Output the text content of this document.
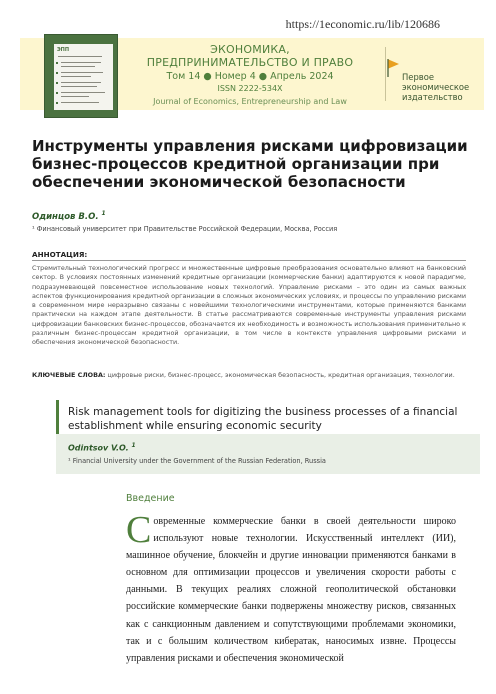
https://1economic.ru/lib/120686
ЭПП	ЭКОНОМИКА,
ПРЕДПРИНИМАТЕЛЬСТВО И ПРАВО
Том 14 ● Номер 4 ● Апрель 2024
ISSN 2222-534X
Journal of Economics, Entrepreneurship and Law
Первое
экономическое
издательство
Инструменты управления рисками цифровизации бизнес-процессов кредитной организации при обеспечении экономической безопасности
Одинцов В.О. $^1$
¹ Финансовый университет при Правительстве Российской Федерации, Москва, Россия
АННОТАЦИЯ:

Стремительный технологический прогресс и множественные цифровые преобразования основательно влияют на банковский сектор. В условиях постоянных изменений кредитные организации (коммерческие банки) адаптируются к новой парадигме, подразумевающей повсеместное использование новых технологий. Управление рисками – это один из самых важных аспектов функционирования кредитной организации в сложных экономических условиях, и процессы по управлению рисками в современном мире неразрывно связаны с новейшими технологическими инструментами, которые применяются банками практически на каждом этапе деятельности. В статье рассматриваются современные инструменты управления рисками цифровизации банковских бизнес-процессов, обозначается их необходимость и возможность использования применительно к различным бизнес-процессам кредитной организации, в том числе в контексте управления цифровыми рисками и обеспечения экономической безопасности.

КЛЮЧЕВЫЕ СЛОВА: цифровые риски, бизнес-процесс, экономическая безопасность, кредитная организация, технологии.

Risk management tools for digitizing the business processes of a financial establishment while ensuring economic security
Odintsov V.O. $^1$
¹ Financial University under the Government of the Russian Federation, Russia
Введение

Современные коммерческие банки в своей деятельности широко используют новые технологии. Искусственный интеллект (ИИ), машинное обучение, блокчейн и другие инновации применяются банками в основном для оптимизации процессов и увеличения скорости работы с данными. В текущих реалиях сложной геополитической обстановки российские коммерческие банки подвержены множеству рисков, связанных как с санкционным давлением и сопутствующими проблемами экономики, так и с большим количеством кибератак, наносимых извне. Процессы управления рисками и обеспечения экономической
